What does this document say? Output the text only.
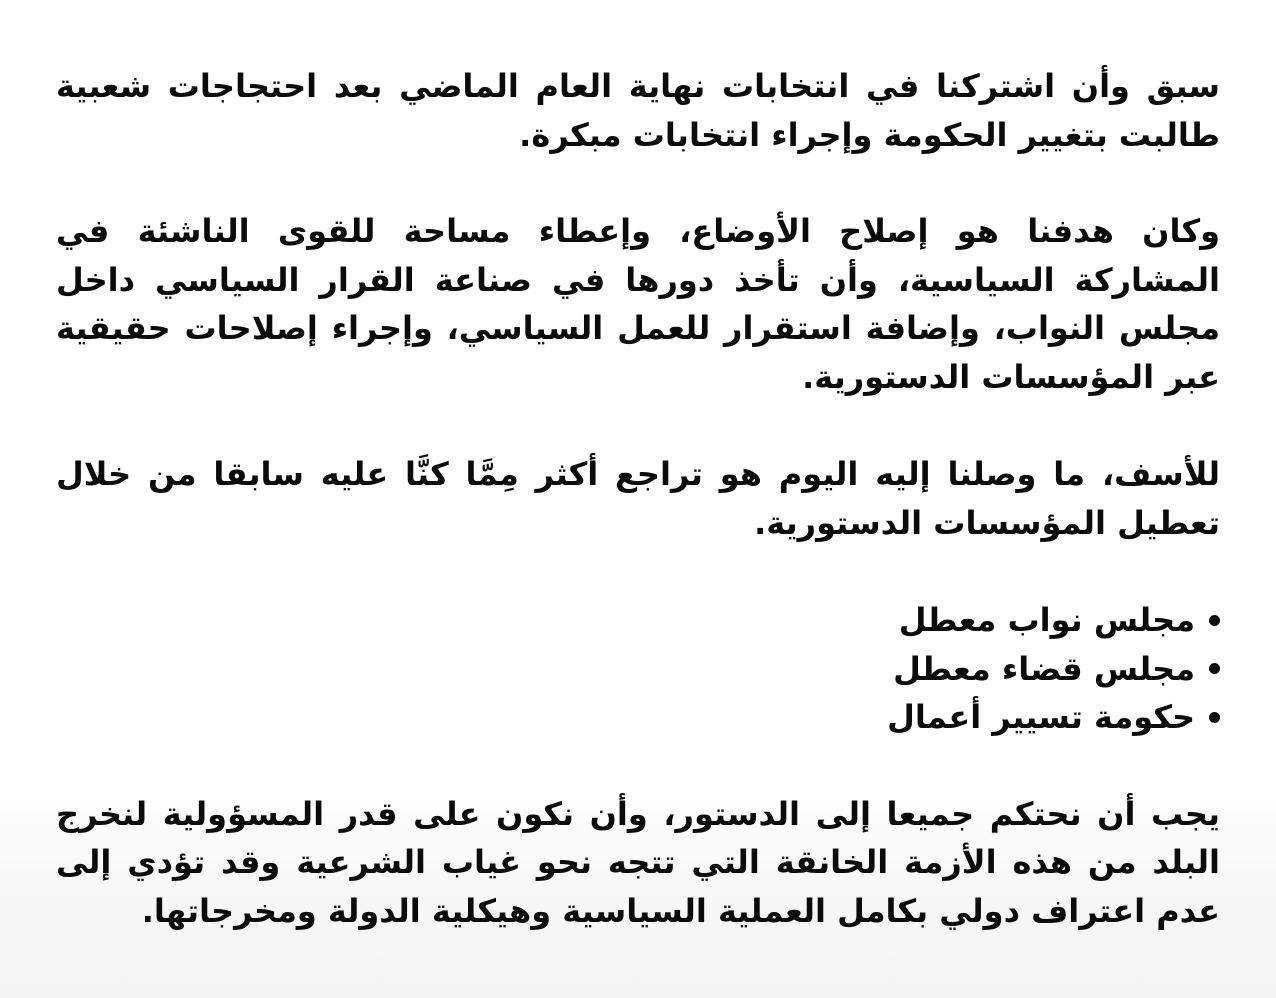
سبق وأن اشتركنا في انتخابات نهاية العام الماضي بعد احتجاجات شعبية طالبت بتغيير الحكومة وإجراء انتخابات مبكرة.

وكان هدفنا هو إصلاح الأوضاع، وإعطاء مساحة للقوى الناشئة في المشاركة السياسية، وأن تأخذ دورها في صناعة القرار السياسي داخل مجلس النواب، وإضافة استقرار للعمل السياسي، وإجراء إصلاحات حقيقية عبر المؤسسات الدستورية.

للأسف، ما وصلنا إليه اليوم هو تراجع أكثر مِمَّا كنَّا عليه سابقا من خلال تعطيل المؤسسات الدستورية.

مجلس نواب معطل
مجلس قضاء معطل
حكومة تسيير أعمال

يجب أن نحتكم جميعا إلى الدستور، وأن نكون على قدر المسؤولية لنخرج البلد من هذه الأزمة الخانقة التي تتجه نحو غياب الشرعية وقد تؤدي إلى عدم اعتراف دولي بكامل العملية السياسية وهيكلية الدولة ومخرجاتها.
